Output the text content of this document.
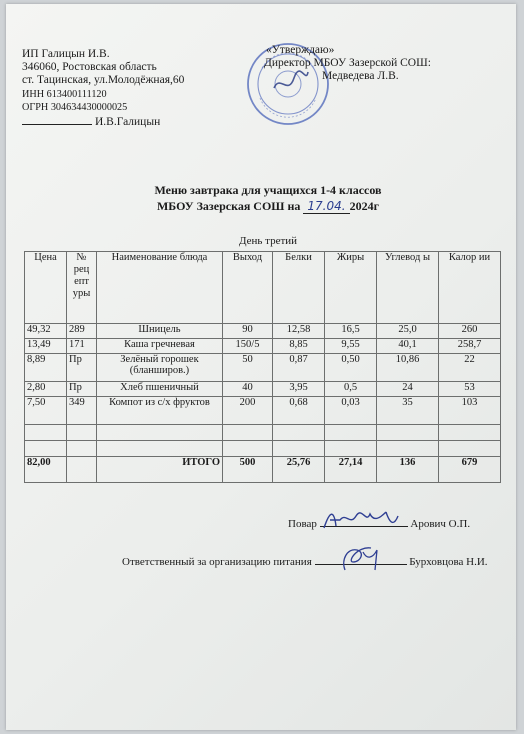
ИП Галицын И.В.
346060, Ростовская область
ст. Тацинская, ул.Молодёжная,60
ИНН 613400111120
ОГРН 304634430000025
И.В.Галицын
«Утверждаю»
Директор МБОУ Зазерской СОШ:
Медведева Л.В.
Меню завтрака для учащихся 1-4 классов
МБОУ Зазерская СОШ на 17.04. 2024г
День третий
Цена	№ рец епт уры	Наименование блюда	Выход	Белки	Жиры	Углевод ы	Калор ии
49,32	289	Шницель	90	12,58	16,5	25,0	260
13,49	171	Каша гречневая	150/5	8,85	9,55	40,1	258,7
8,89	Пр	Зелёный горошек (бланширов.)	50	0,87	0,50	10,86	22
2,80	Пр	Хлеб пшеничный	40	3,95	0,5	24	53
7,50	349	Компот из с/х фруктов	200	0,68	0,03	35	103

82,00		ИТОГО	500	25,76	27,14	136	679
Повар	Арович О.П.
Ответственный за организацию питания	Бурховцова Н.И.
